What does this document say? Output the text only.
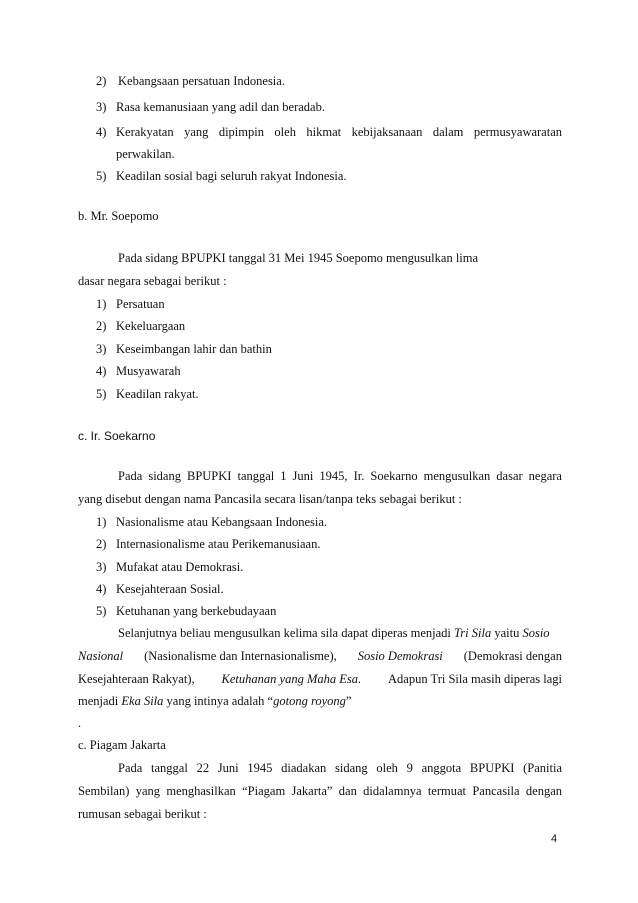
2) Kebangsaan persatuan Indonesia.
3) Rasa kemanusiaan yang adil dan beradab.
4) Kerakyatan yang dipimpin oleh hikmat kebijaksanaan dalam permusyawaratan
perwakilan.
5) Keadilan sosial bagi seluruh rakyat Indonesia.
b. Mr. Soepomo
Pada sidang BPUPKI tanggal 31 Mei 1945 Soepomo mengusulkan lima
dasar negara sebagai berikut :
1) Persatuan
2) Kekeluargaan
3) Keseimbangan lahir dan bathin
4) Musyawarah
5) Keadilan rakyat.
c. Ir. Soekarno
Pada sidang BPUPKI tanggal 1 Juni 1945, Ir. Soekarno mengusulkan dasar negara
yang disebut dengan nama Pancasila secara lisan/tanpa teks sebagai berikut :
1) Nasionalisme atau Kebangsaan Indonesia.
2) Internasionalisme atau Perikemanusiaan.
3) Mufakat atau Demokrasi.
4) Kesejahteraan Sosial.
5) Ketuhanan yang berkebudayaan
Selanjutnya beliau mengusulkan kelima sila dapat diperas menjadi Tri Sila yaitu Sosio
Nasional (Nasionalisme dan Internasionalisme), Sosio Demokrasi (Demokrasi dengan
Kesejahteraan Rakyat), Ketuhanan yang Maha Esa. Adapun Tri Sila masih diperas lagi
menjadi Eka Sila yang intinya adalah “gotong royong”
.
c. Piagam Jakarta
Pada tanggal 22 Juni 1945 diadakan sidang oleh 9 anggota BPUPKI (Panitia
Sembilan) yang menghasilkan “Piagam Jakarta” dan didalamnya termuat Pancasila dengan
rumusan sebagai berikut :
4
